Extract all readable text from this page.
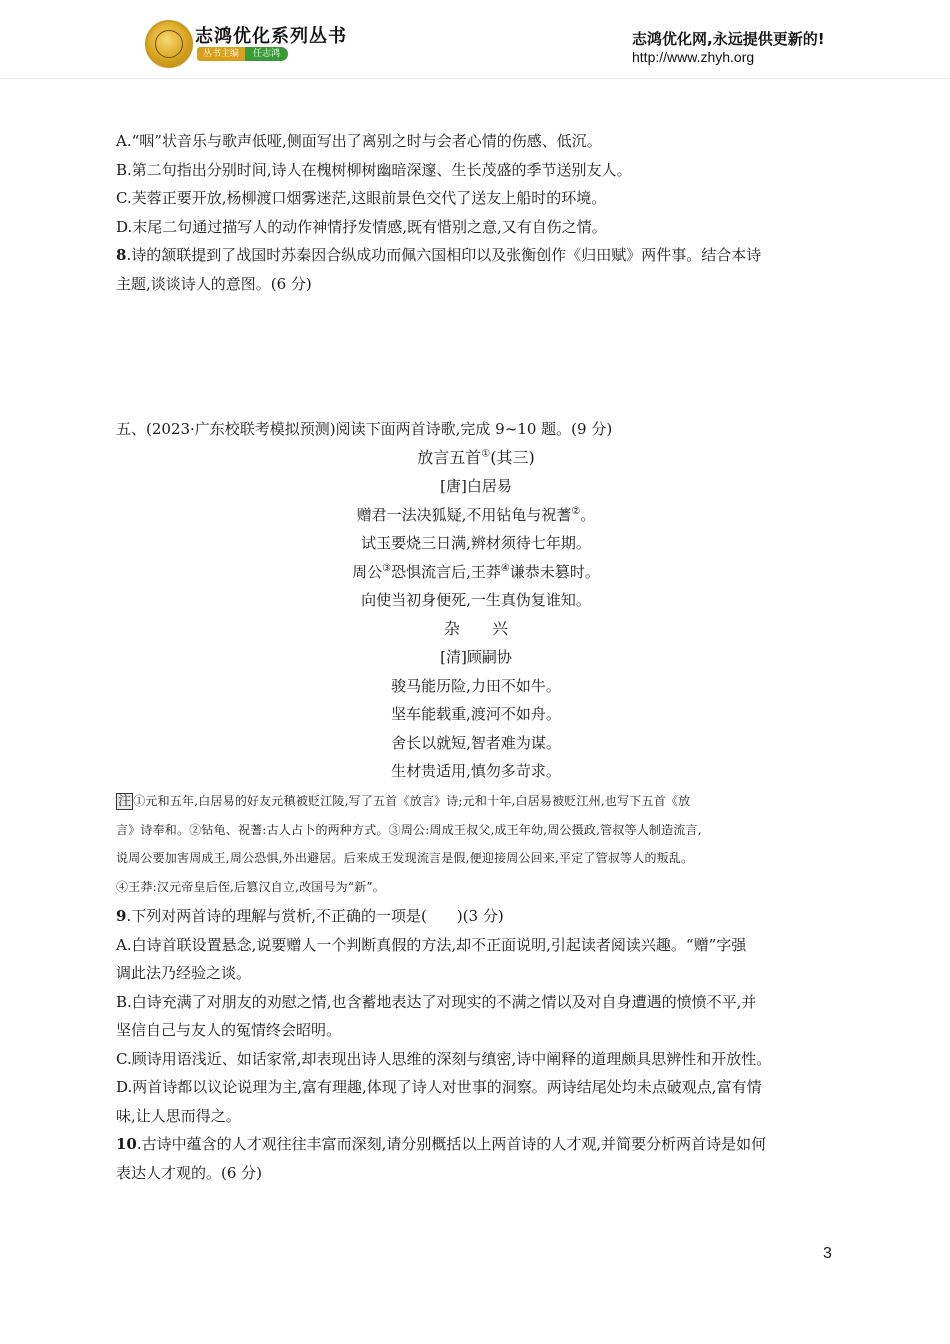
志鸿优化系列丛书
丛书主编	任志鸿
志鸿优化网,永远提供更新的!
http://www.zhyh.org
A.“咽”状音乐与歌声低哑,侧面写出了离别之时与会者心情的伤感、低沉。
B.第二句指出分别时间,诗人在槐树柳树幽暗深邃、生长茂盛的季节送别友人。
C.芙蓉正要开放,杨柳渡口烟雾迷茫,这眼前景色交代了送友上船时的环境。
D.末尾二句通过描写人的动作神情抒发情感,既有惜别之意,又有自伤之情。
8.诗的颔联提到了战国时苏秦因合纵成功而佩六国相印以及张衡创作《归田赋》两件事。结合本诗
主题,谈谈诗人的意图。(6 分)
五、(2023·广东校联考模拟预测)阅读下面两首诗歌,完成 9~10 题。(9 分)
放言五首①(其三)
[唐]白居易
赠君一法决狐疑,不用钻龟与祝蓍②。
试玉要烧三日满,辨材须待七年期。
周公③恐惧流言后,王莽④谦恭未篡时。
向使当初身便死,一生真伪复谁知。
杂　　兴
[清]顾嗣协
骏马能历险,力田不如牛。
坚车能载重,渡河不如舟。
舍长以就短,智者难为谋。
生材贵适用,慎勿多苛求。
注 ①元和五年,白居易的好友元稹被贬江陵,写了五首《放言》诗;元和十年,白居易被贬江州,也写下五首《放
言》诗奉和。②钻龟、祝蓍:古人占卜的两种方式。③周公:周成王叔父,成王年幼,周公摄政,管叔等人制造流言,
说周公要加害周成王,周公恐惧,外出避居。后来成王发现流言是假,便迎接周公回来,平定了管叔等人的叛乱。
④王莽:汉元帝皇后侄,后篡汉自立,改国号为“新”。
9.下列对两首诗的理解与赏析,不正确的一项是(　　)(3 分)
A.白诗首联设置悬念,说要赠人一个判断真假的方法,却不正面说明,引起读者阅读兴趣。“赠”字强
调此法乃经验之谈。
B.白诗充满了对朋友的劝慰之情,也含蓄地表达了对现实的不满之情以及对自身遭遇的愤愤不平,并
坚信自己与友人的冤情终会昭明。
C.顾诗用语浅近、如话家常,却表现出诗人思维的深刻与缜密,诗中阐释的道理颇具思辨性和开放性。
D.两首诗都以议论说理为主,富有理趣,体现了诗人对世事的洞察。两诗结尾处均未点破观点,富有情
味,让人思而得之。
10.古诗中蕴含的人才观往往丰富而深刻,请分别概括以上两首诗的人才观,并简要分析两首诗是如何
表达人才观的。(6 分)
3
